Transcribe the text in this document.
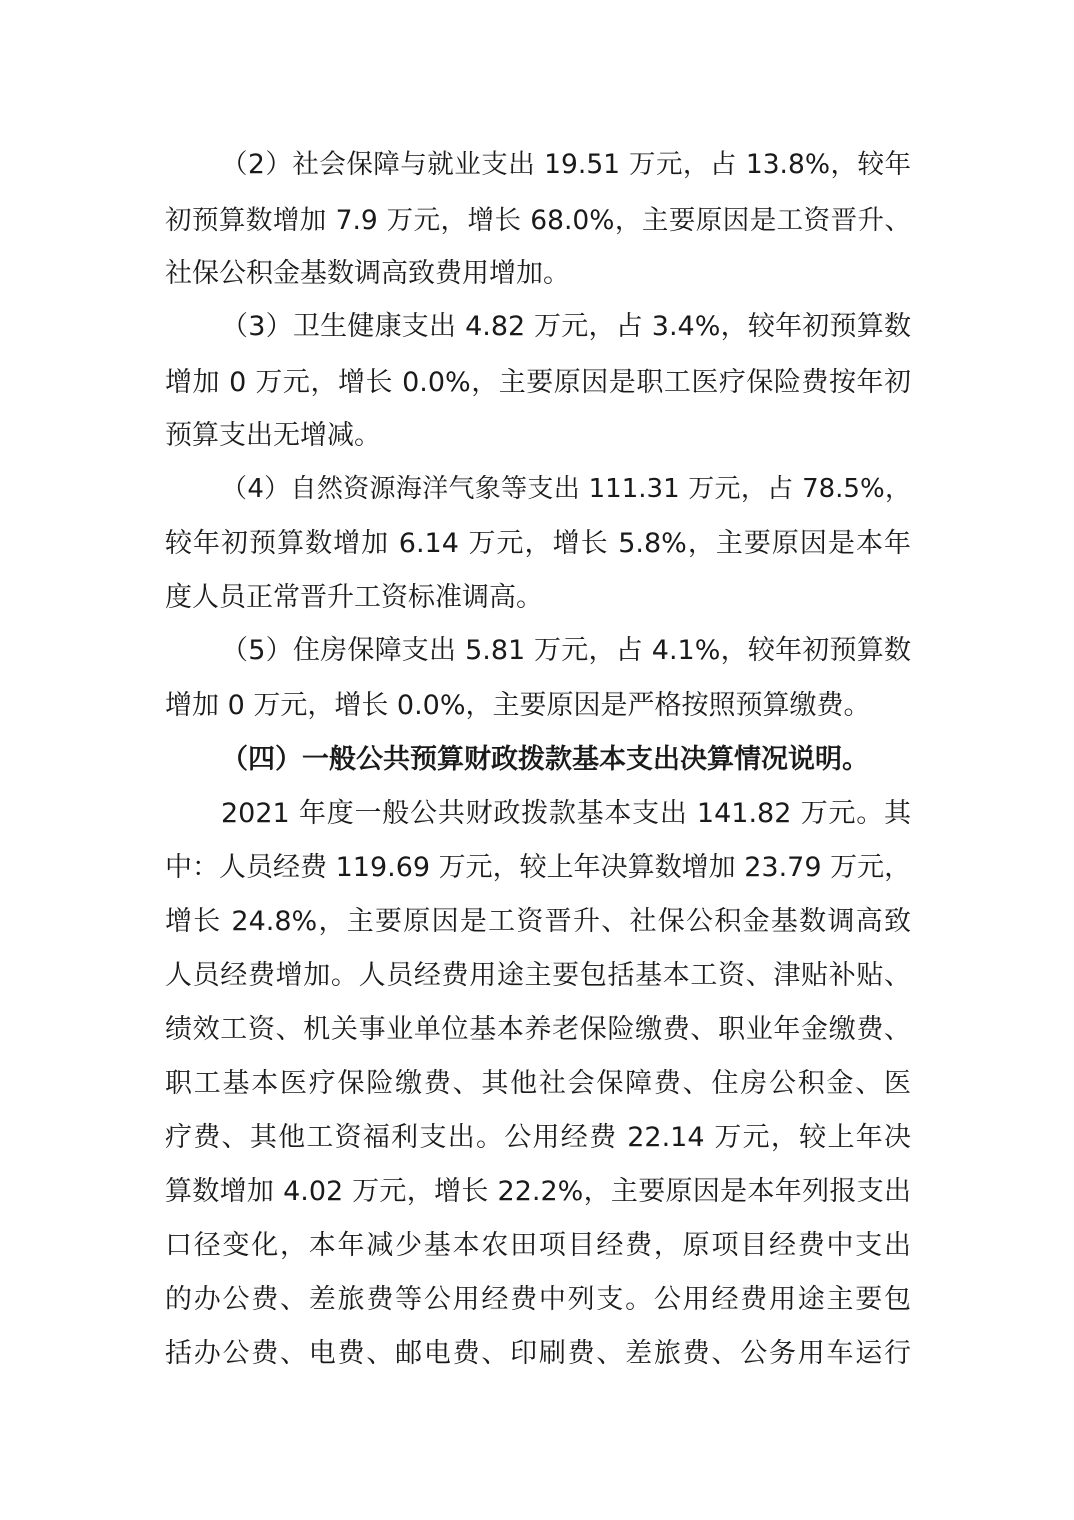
（2）社会保障与就业支出 19.51 万元，占 13.8%，较年
初预算数增加 7.9 万元，增长 68.0%，主要原因是工资晋升、
社保公积金基数调高致费用增加。
（3）卫生健康支出 4.82 万元，占 3.4%，较年初预算数
增加 0 万元，增长 0.0%，主要原因是职工医疗保险费按年初
预算支出无增减。
（4）自然资源海洋气象等支出 111.31 万元，占 78.5%，
较年初预算数增加 6.14 万元，增长 5.8%，主要原因是本年
度人员正常晋升工资标准调高。
（5）住房保障支出 5.81 万元，占 4.1%，较年初预算数
增加 0 万元，增长 0.0%，主要原因是严格按照预算缴费。
（四）一般公共预算财政拨款基本支出决算情况说明。
2021 年度一般公共财政拨款基本支出 141.82 万元。其
中：人员经费 119.69 万元，较上年决算数增加 23.79 万元，
增长 24.8%，主要原因是工资晋升、社保公积金基数调高致
人员经费增加。人员经费用途主要包括基本工资、津贴补贴、
绩效工资、机关事业单位基本养老保险缴费、职业年金缴费、
职工基本医疗保险缴费、其他社会保障费、住房公积金、医
疗费、其他工资福利支出。公用经费 22.14 万元，较上年决
算数增加 4.02 万元，增长 22.2%，主要原因是本年列报支出
口径变化，本年减少基本农田项目经费，原项目经费中支出
的办公费、差旅费等公用经费中列支。公用经费用途主要包
括办公费、电费、邮电费、印刷费、差旅费、公务用车运行
